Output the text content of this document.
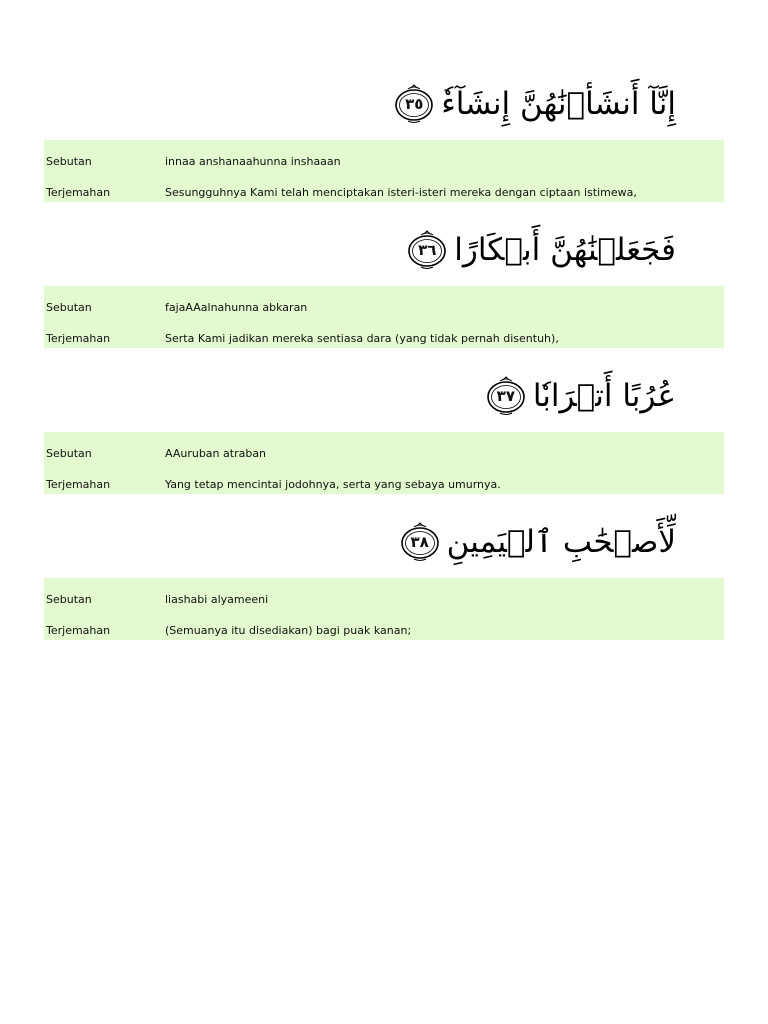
إِنَّآ أَنشَأۡنَٰهُنَّ إِنشَآءٗ
٣٥
Sebutan	innaa anshanaahunna inshaaan
Terjemahan	Sesungguhnya Kami telah menciptakan isteri-isteri mereka dengan ciptaan istimewa,
فَجَعَلۡنَٰهُنَّ أَبۡكَارًا
٣٦
Sebutan	fajaAAalnahunna abkaran
Terjemahan	Serta Kami jadikan mereka sentiasa dara (yang tidak pernah disentuh),
عُرُبًا أَتۡرَابٗا
٣٧
Sebutan	AAuruban atraban
Terjemahan	Yang tetap mencintai jodohnya, serta yang sebaya umurnya.
لِّأَصۡحَٰبِ ٱلۡيَمِينِ
٣٨
Sebutan	liashabi alyameeni
Terjemahan	(Semuanya itu disediakan) bagi puak kanan;
